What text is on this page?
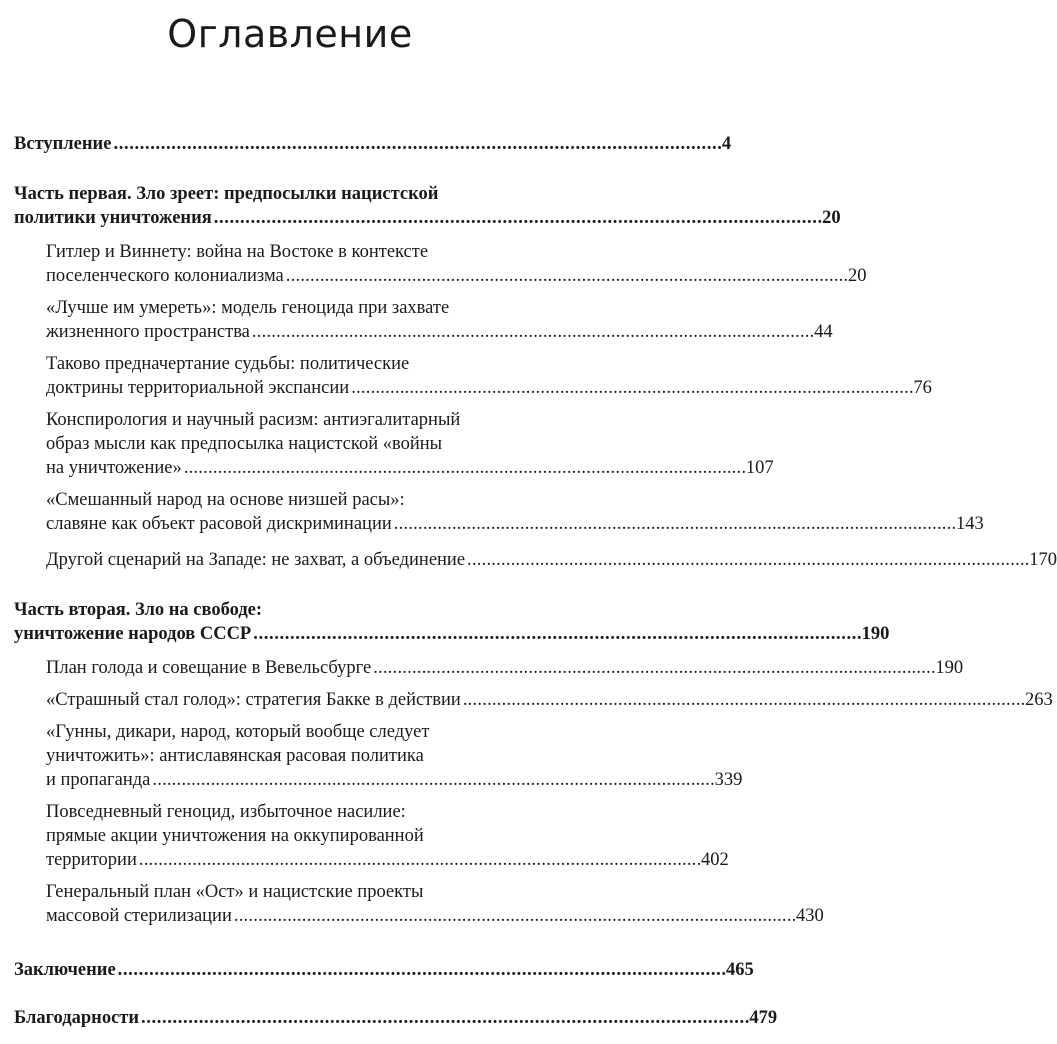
Оглавление
Вступление . . .	4
Часть первая. Зло зреет: предпосылки нацистской
политики уничтожения . . .	20
Гитлер и Виннету: война на Востоке в контексте
поселенческого колониализма . . .	20
«Лучше им умереть»: модель геноцида при захвате
жизненного пространства . . .	44
Таково предначертание судьбы: политические
доктрины территориальной экспансии . . .	76
Конспирология и научный расизм: антиэгалитарный
образ мысли как предпосылка нацистской «войны
на уничтожение» . . .	107
«Смешанный народ на основе низшей расы»:
славяне как объект расовой дискриминации . . .	143
Другой сценарий на Западе: не захват, а объединение . . .	170
Часть вторая. Зло на свободе:
уничтожение народов СССР . . .	190
План голода и совещание в Вевельсбурге . . .	190
«Страшный стал голод»: стратегия Бакке в действии . . .	263
«Гунны, дикари, народ, который вообще следует
уничтожить»: антиславянская расовая политика
и пропаганда . . .	339
Повседневный геноцид, избыточное насилие:
прямые акции уничтожения на оккупированной
территории . . .	402
Генеральный план «Ост» и нацистские проекты
массовой стерилизации . . .	430
Заключение . . .	465
Благодарности . . .	479
